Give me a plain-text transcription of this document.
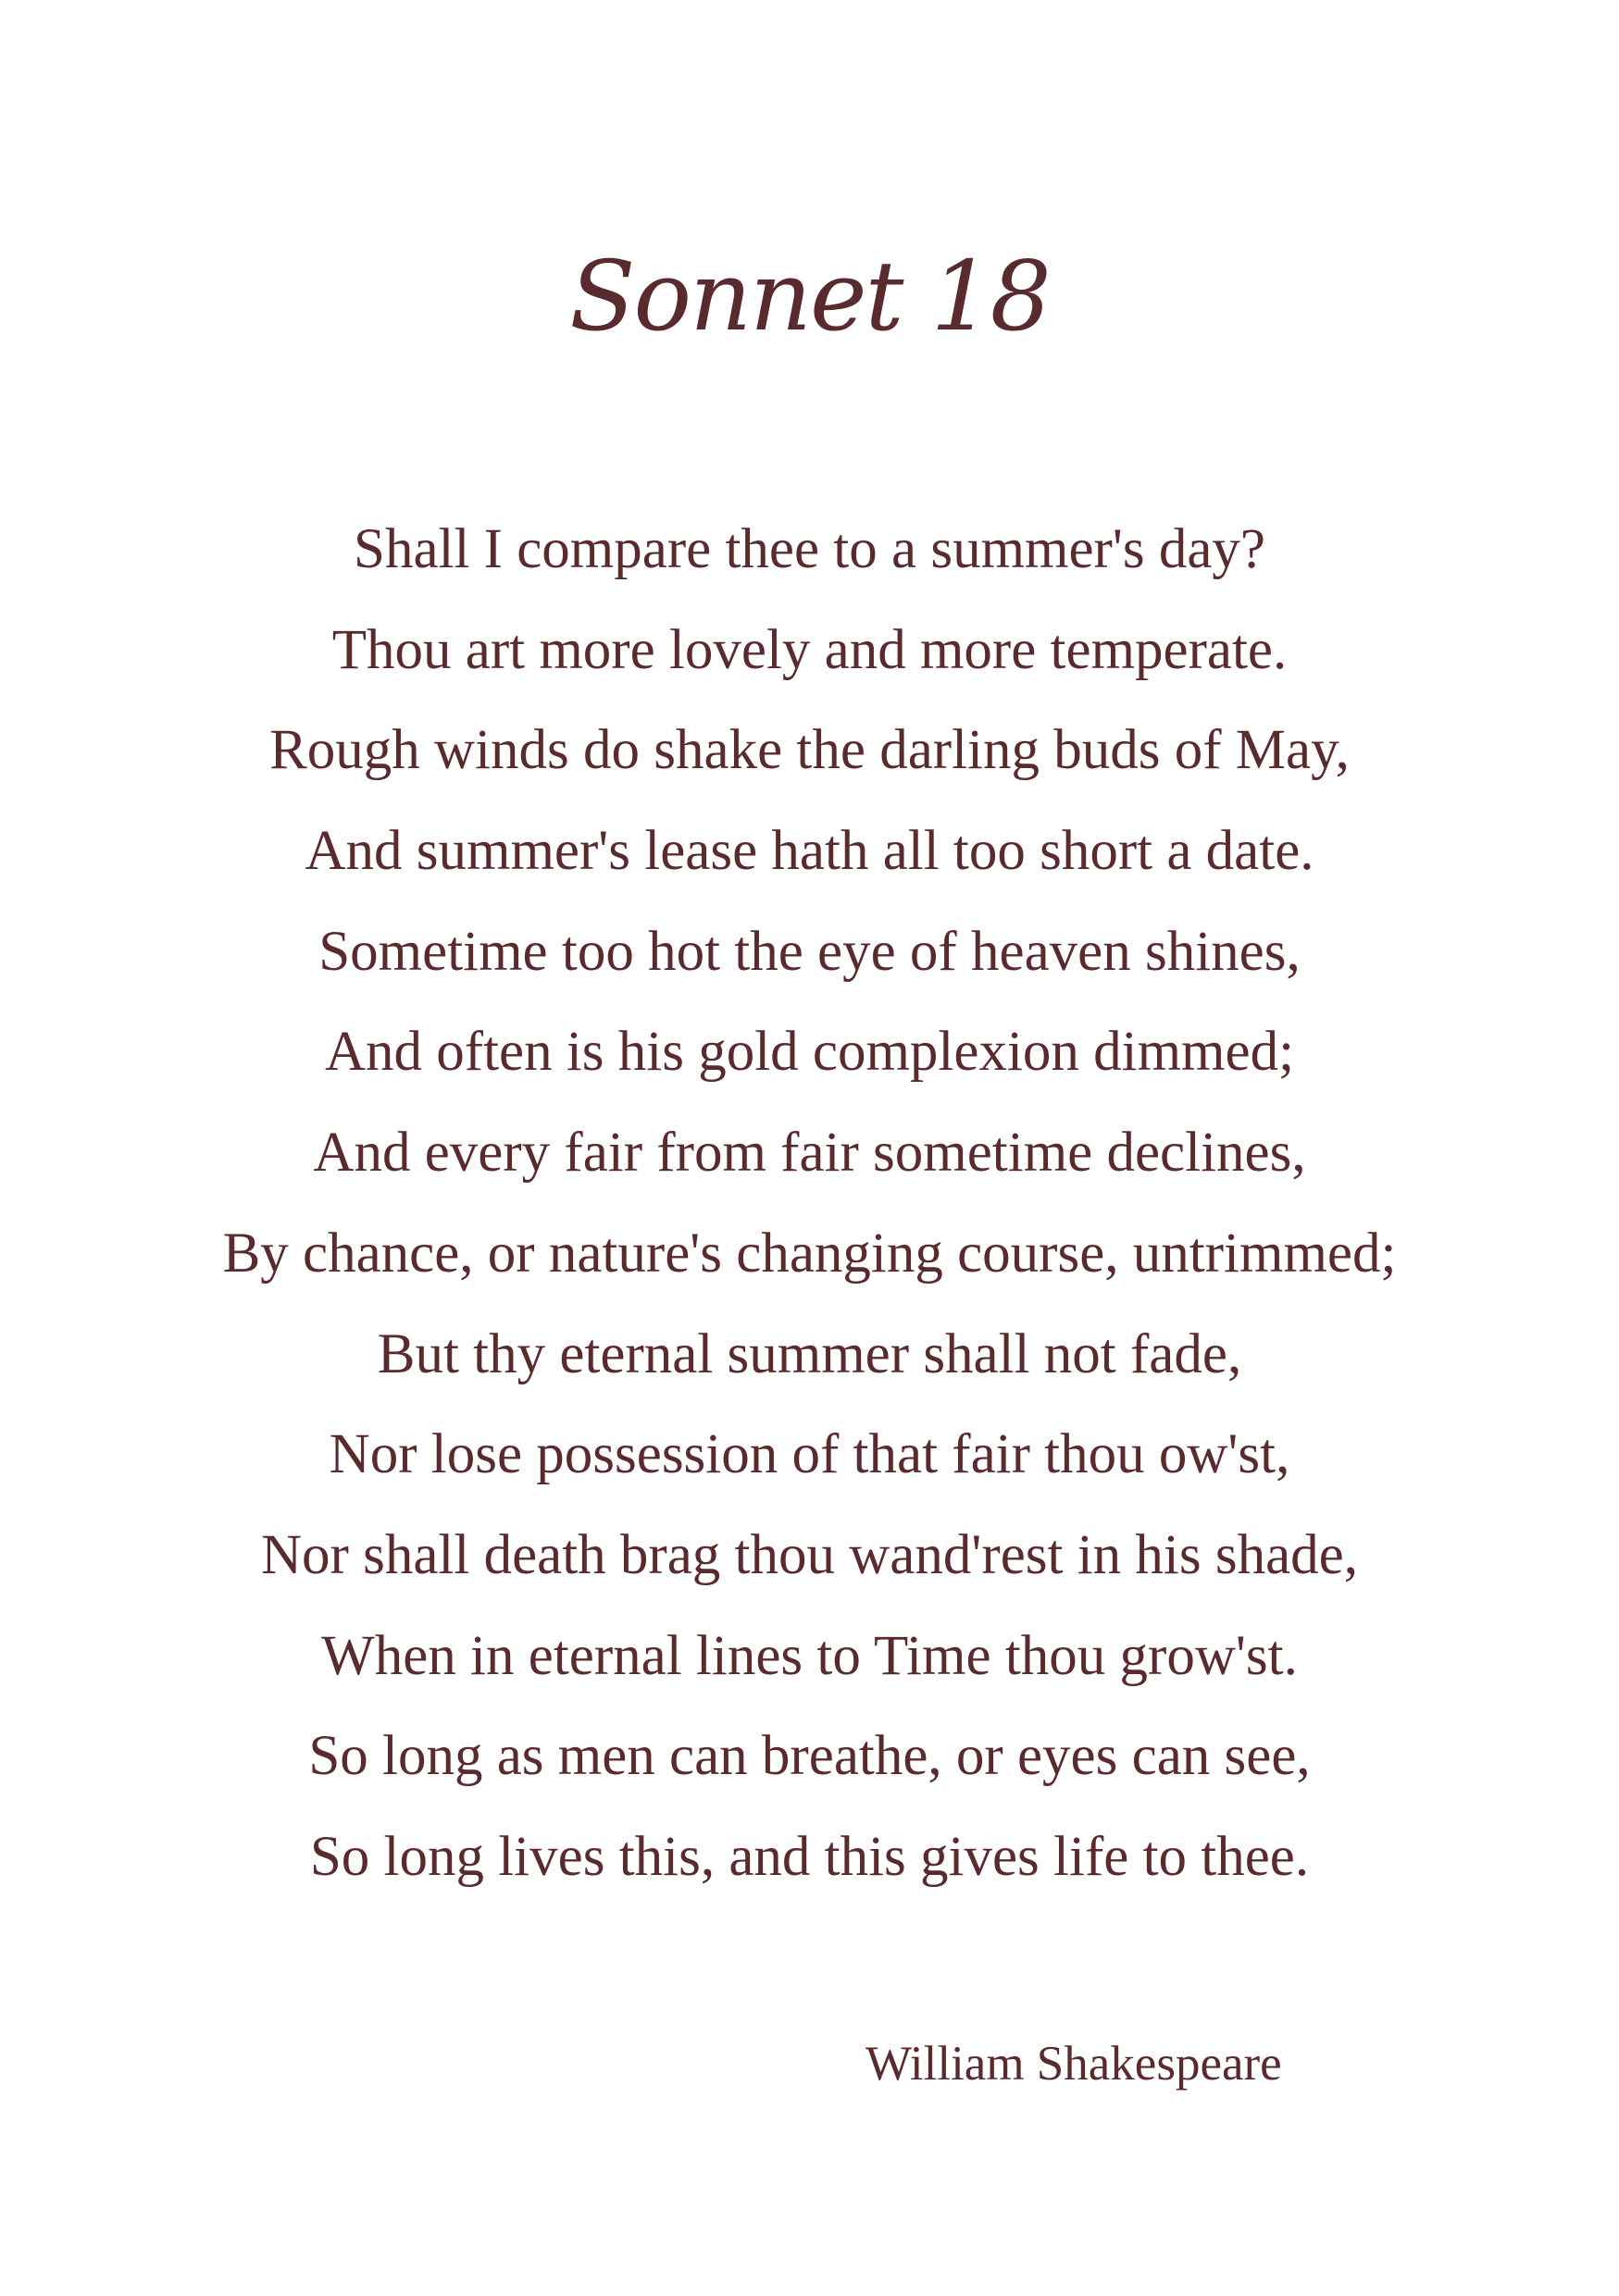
Sonnet 18
Shall I compare thee to a summer's day?
Thou art more lovely and more temperate.
Rough winds do shake the darling buds of May,
And summer's lease hath all too short a date.
Sometime too hot the eye of heaven shines,
And often is his gold complexion dimmed;
And every fair from fair sometime declines,
By chance, or nature's changing course, untrimmed;
But thy eternal summer shall not fade,
Nor lose possession of that fair thou ow'st,
Nor shall death brag thou wand'rest in his shade,
When in eternal lines to Time thou grow'st.
So long as men can breathe, or eyes can see,
So long lives this, and this gives life to thee.
William Shakespeare
